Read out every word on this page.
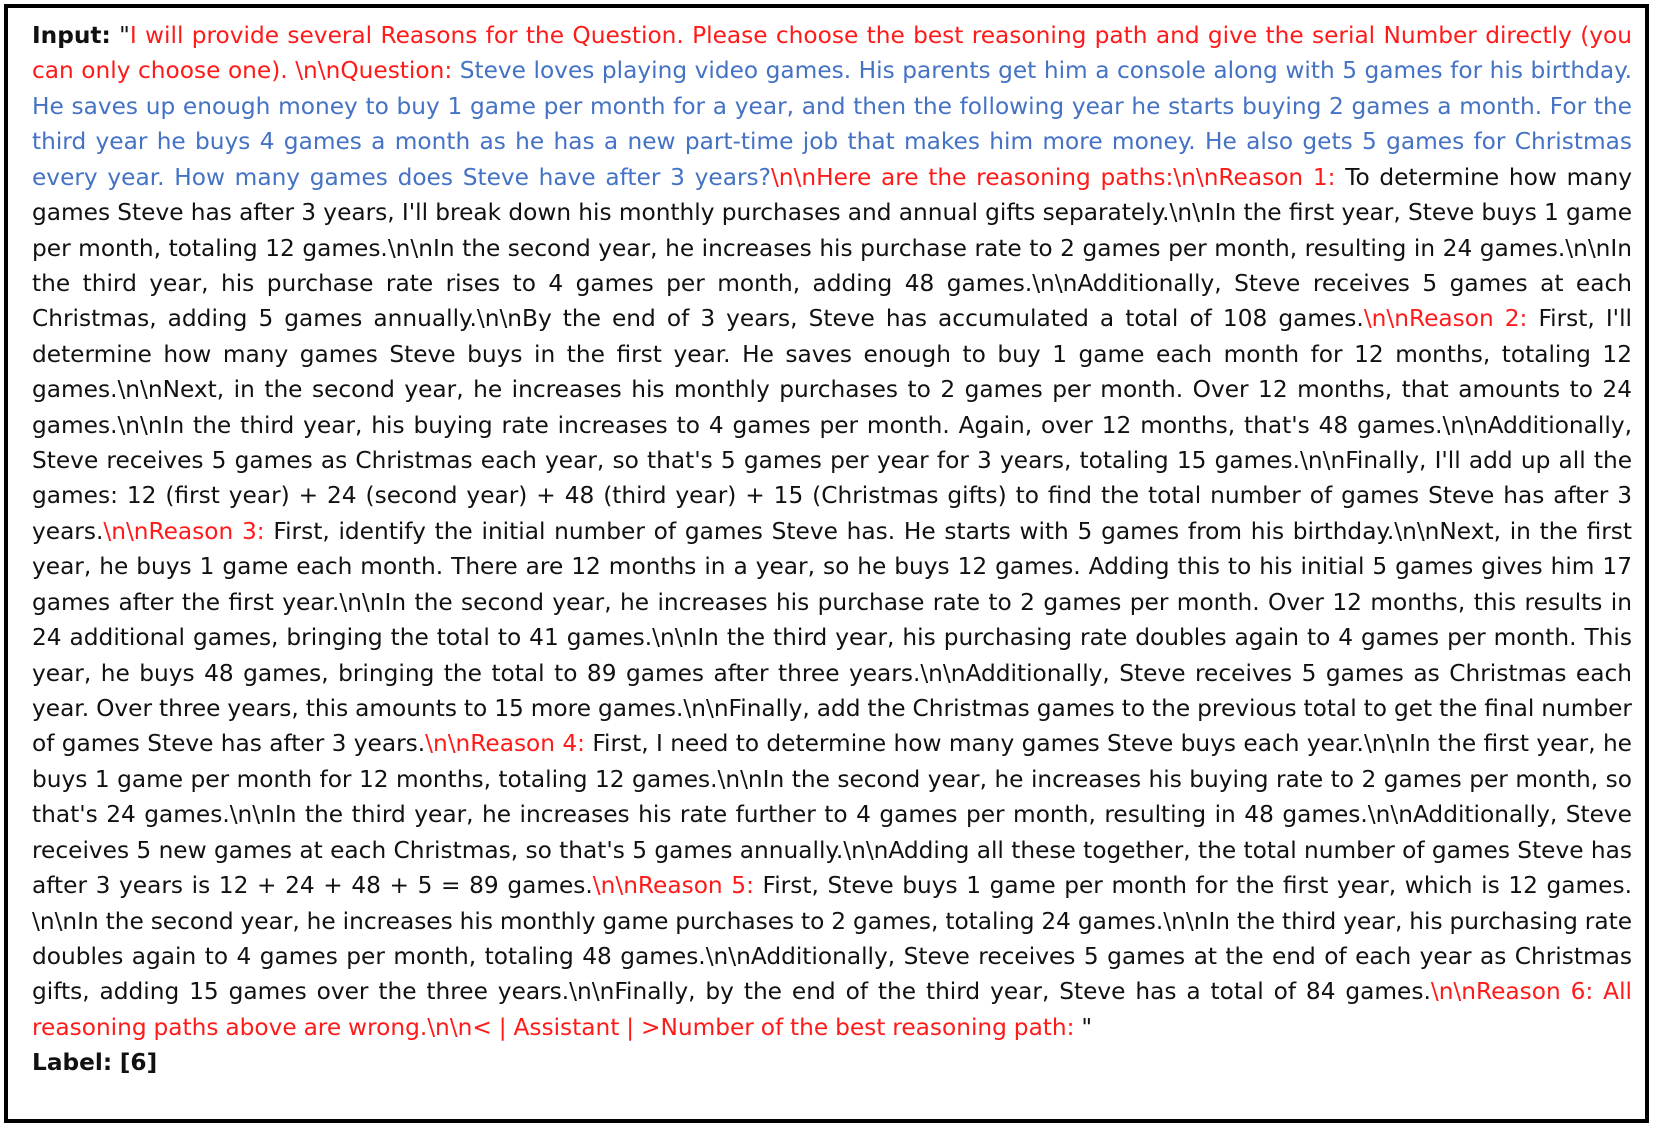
Input: "I will provide several Reasons for the Question. Please choose the best reasoning path and give the serial Number directly (you can only choose one). \n\nQuestion: Steve loves playing video games. His parents get him a console along with 5 games for his birthday. He saves up enough money to buy 1 game per month for a year, and then the following year he starts buying 2 games a month. For the third year he buys 4 games a month as he has a new part-time job that makes him more money. He also gets 5 games for Christmas every year. How many games does Steve have after 3 years?\n\nHere are the reasoning paths:\n\nReason 1: To determine how many games Steve has after 3 years, I'll break down his monthly purchases and annual gifts separately.\n\nIn the first year, Steve buys 1 game per month, totaling 12 games.\n\nIn the second year, he increases his purchase rate to 2 games per month, resulting in 24 games.\n\nIn the third year, his purchase rate rises to 4 games per month, adding 48 games.\n\nAdditionally, Steve receives 5 games at each Christmas, adding 5 games annually.\n\nBy the end of 3 years, Steve has accumulated a total of 108 games.\n\nReason 2: First, I'll determine how many games Steve buys in the first year. He saves enough to buy 1 game each month for 12 months, totaling 12 games.\n\nNext, in the second year, he increases his monthly purchases to 2 games per month. Over 12 months, that amounts to 24 games.\n\nIn the third year, his buying rate increases to 4 games per month. Again, over 12 months, that's 48 games.\n\nAdditionally, Steve receives 5 games as Christmas each year, so that's 5 games per year for 3 years, totaling 15 games.\n\nFinally, I'll add up all the games: 12 (first year) + 24 (second year) + 48 (third year) + 15 (Christmas gifts) to find the total number of games Steve has after 3 years.\n\nReason 3: First, identify the initial number of games Steve has. He starts with 5 games from his birthday.\n\nNext, in the first year, he buys 1 game each month. There are 12 months in a year, so he buys 12 games. Adding this to his initial 5 games gives him 17 games after the first year.\n\nIn the second year, he increases his purchase rate to 2 games per month. Over 12 months, this results in 24 additional games, bringing the total to 41 games.\n\nIn the third year, his purchasing rate doubles again to 4 games per month. This year, he buys 48 games, bringing the total to 89 games after three years.\n\nAdditionally, Steve receives 5 games as Christmas each year. Over three years, this amounts to 15 more games.\n\nFinally, add the Christmas games to the previous total to get the final number of games Steve has after 3 years.\n\nReason 4: First, I need to determine how many games Steve buys each year.\n\nIn the first year, he buys 1 game per month for 12 months, totaling 12 games.\n\nIn the second year, he increases his buying rate to 2 games per month, so that's 24 games.\n\nIn the third year, he increases his rate further to 4 games per month, resulting in 48 games.\n\nAdditionally, Steve receives 5 new games at each Christmas, so that's 5 games annually.\n\nAdding all these together, the total number of games Steve has after 3 years is 12 + 24 + 48 + 5 = 89 games.\n\nReason 5: First, Steve buys 1 game per month for the first year, which is 12 games. \n\nIn the second year, he increases his monthly game purchases to 2 games, totaling 24 games.\n\nIn the third year, his purchasing rate doubles again to 4 games per month, totaling 48 games.\n\nAdditionally, Steve receives 5 games at the end of each year as Christmas gifts, adding 15 games over the three years.\n\nFinally, by the end of the third year, Steve has a total of 84 games.\n\nReason 6: All reasoning paths above are wrong.\n\n< | Assistant | >Number of the best reasoning path: "

Label: [6]
